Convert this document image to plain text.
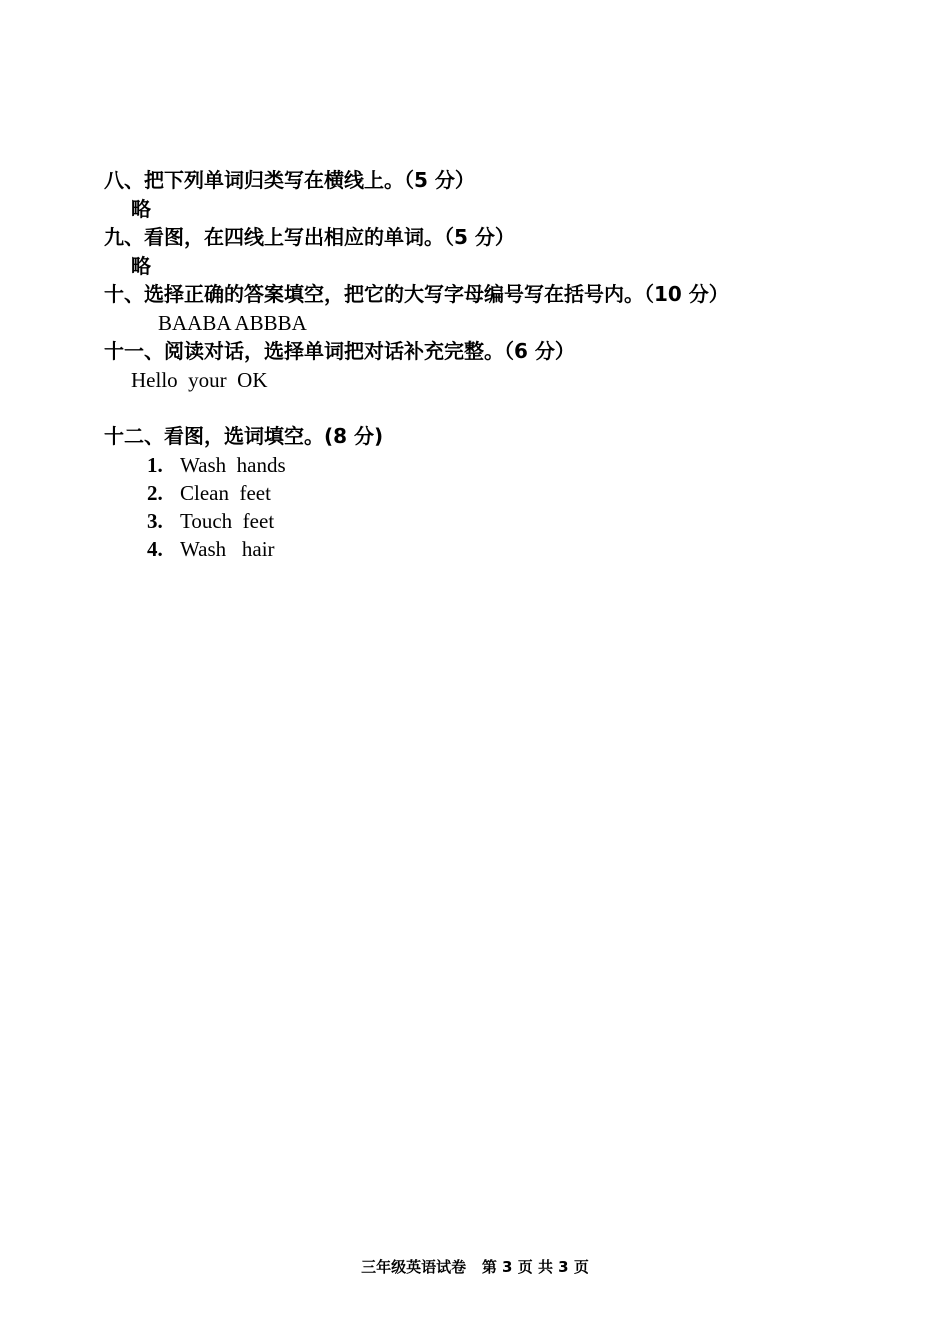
八、把下列单词归类写在横线上。（5 分）
略
九、看图，在四线上写出相应的单词。（5 分）
略
十、选择正确的答案填空，把它的大写字母编号写在括号内。（10 分）
BAABA ABBBA
十一、阅读对话，选择单词把对话补充完整。（6 分）
Hello  your  OK
十二、看图，选词填空。(8 分)
1. Wash  hands
2. Clean  feet
3. Touch  feet
4. Wash   hair
三年级英语试卷   第 3 页 共 3 页
